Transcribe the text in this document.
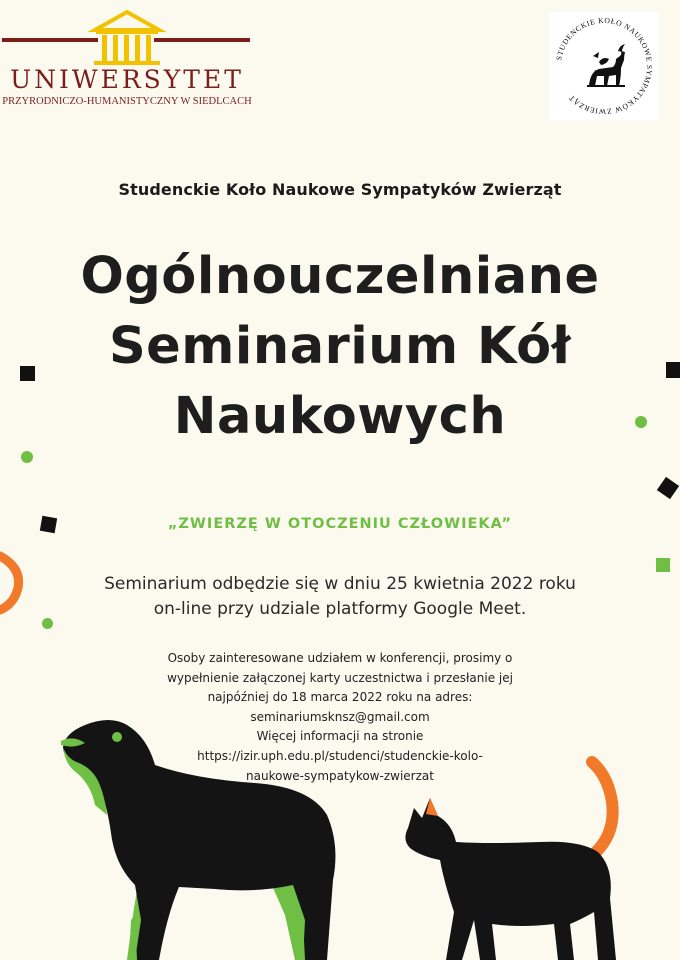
UNIWERSYTET
PRZYRODNICZO-HUMANISTYCZNY W SIEDLCACH
STUDENCKIE KOŁO NAUKOWE SYMPATYKÓW ZWIERZĄT
Studenckie Koło Naukowe Sympatyków Zwierząt
Ogólnouczelniane
Seminarium Kół
Naukowych
„ZWIERZĘ W OTOCZENIU CZŁOWIEKA”
Seminarium odbędzie się w dniu 25 kwietnia 2022 roku
on-line przy udziale platformy Google Meet.
Osoby zainteresowane udziałem w konferencji, prosimy o
wypełnienie załączonej karty uczestnictwa i przesłanie jej
najpóźniej do 18 marca 2022 roku na adres:
seminariumsknsz@gmail.com
Więcej informacji na stronie
https://izir.uph.edu.pl/studenci/studenckie-kolo-
naukowe-sympatykow-zwierzat
